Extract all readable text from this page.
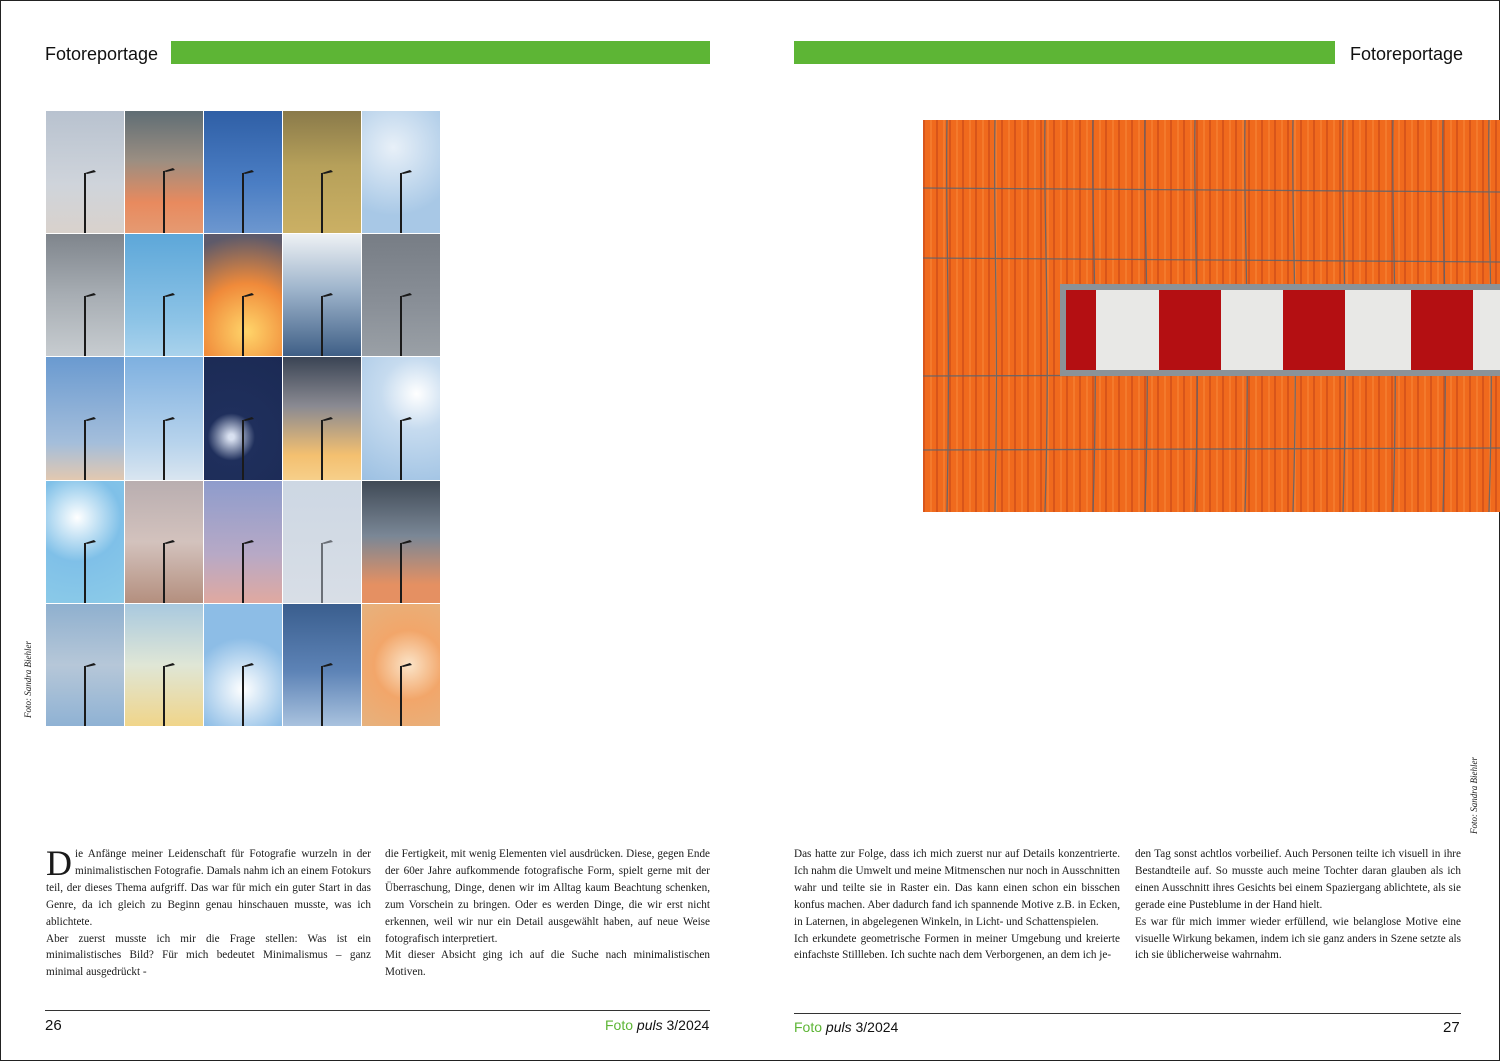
Fotoreportage	Fotoreportage
Foto: Sandra Biehler
Foto: Sandra Biehler

Die Anfänge meiner Leidenschaft für Fotografie wurzeln in der minimalistischen Fotografie. Damals nahm ich an einem Fotokurs teil, der dieses Thema aufgriff. Das war für mich ein guter Start in das Genre, da ich gleich zu Beginn genau hinschauen musste, was ich ablichtete.

Aber zuerst musste ich mir die Frage stellen: Was ist ein minimalistisches Bild? Für mich bedeutet Minimalismus – ganz minimal ausgedrückt -

die Fertigkeit, mit wenig Elementen viel ausdrücken. Diese, gegen Ende der 60er Jahre aufkommende fotografische Form, spielt gerne mit der Überraschung, Dinge, denen wir im Alltag kaum Beachtung schenken, zum Vorschein zu bringen. Oder es werden Dinge, die wir erst nicht erkennen, weil wir nur ein Detail ausgewählt haben, auf neue Weise fotografisch interpretiert.

Mit dieser Absicht ging ich auf die Suche nach minimalistischen Motiven.

Das hatte zur Folge, dass ich mich zuerst nur auf Details konzentrierte. Ich nahm die Umwelt und meine Mitmenschen nur noch in Ausschnitten wahr und teilte sie in Raster ein. Das kann einen schon ein bisschen konfus machen. Aber dadurch fand ich spannende Motive z.B. in Ecken, in Laternen, in abgelegenen Winkeln, in Licht- und Schattenspielen.

Ich erkundete geometrische Formen in meiner Umgebung und kreierte einfachste Stillleben. Ich suchte nach dem Verborgenen, an dem ich je-

den Tag sonst achtlos vorbeilief. Auch Personen teilte ich visuell in ihre Bestandteile auf. So musste auch meine Tochter daran glauben als ich einen Ausschnitt ihres Gesichts bei einem Spaziergang ablichtete, als sie gerade eine Pusteblume in der Hand hielt.

Es war für mich immer wieder erfüllend, wie belanglose Motive eine visuelle Wirkung bekamen, indem ich sie ganz anders in Szene setzte als ich sie üblicherweise wahrnahm.

26	Foto puls 3/2024	Foto puls 3/2024	27
